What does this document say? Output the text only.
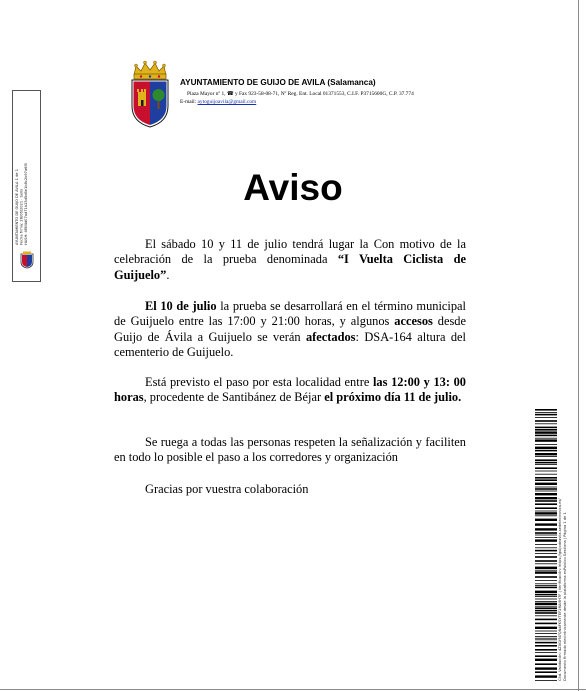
AYUNTAMIENTO DE GUIJO DE ÁVILA 1 de 1 Fecha firma: 28/06/2021 · Sello HASH: 4f5f4d07ad71b25d5d6e1b8c2b97a6f0
AYUNTAMIENTO DE GUIJO DE AVILA (Salamanca)
Plaza Mayor nº 1, ☎ y Fax 923-58-08-71, Nº Reg. Ent. Local 01371553, C.I.F. P3715600G, C.P. 37.774
E-mail: aytoguijoavila@gmail.com
Aviso

El sábado 10 y 11 de julio tendrá lugar la Con motivo de la celebración de la prueba denominada “I Vuelta Ciclista de Guijuelo”.

El 10 de julio la prueba se desarrollará en el término municipal de Guijuelo entre las 17:00 y 21:00 horas, y algunos accesos desde Guijo de Ávila a Guijuelo se verán afectados: DSA-164 altura del cementerio de Guijuelo.

Está previsto el paso por esta localidad entre las 12:00 y 13: 00 horas, procedente de Santibánez de Béjar el próximo día 11 de julio.

Se ruega a todas las personas respeten la señalización y faciliten en todo lo posible el paso a los corredores y organización

Gracias por vuestra colaboración

Cód. Validación: 4ZXGYN7QN4FKSYTEF2MA9H7F | Verificación: https://guijodeavila.sedelectronica.es/ Documento firmado electrónicamente desde la plataforma esPublico Gestiona | Página 1 de 1
